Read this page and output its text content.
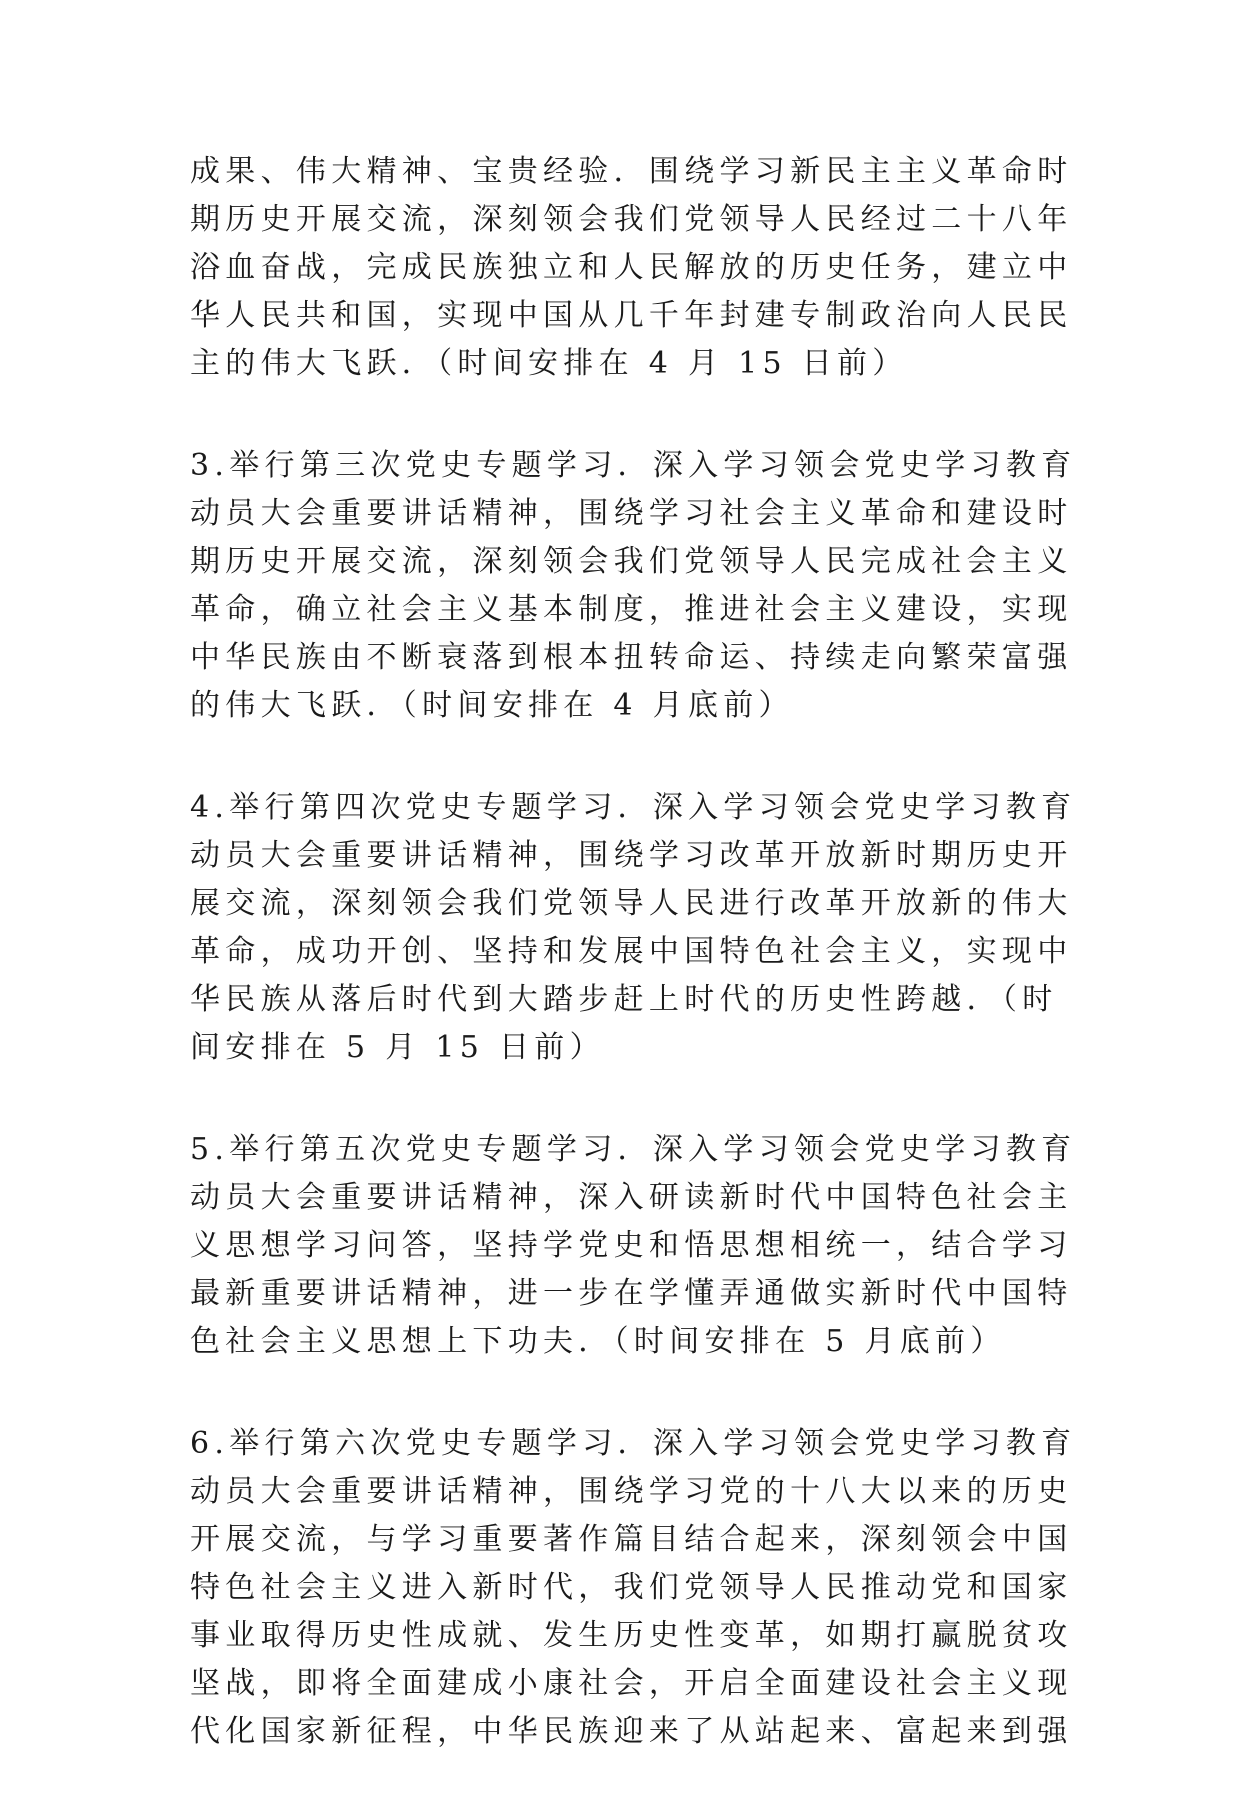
成果、伟大精神、宝贵经验．围绕学习新民主主义革命时
期历史开展交流，深刻领会我们党领导人民经过二十八年
浴血奋战，完成民族独立和人民解放的历史任务，建立中
华人民共和国，实现中国从几千年封建专制政治向人民民
主的伟大飞跃．（时间安排在 4 月 15 日前）

3.举行第三次党史专题学习．深入学习领会党史学习教育
动员大会重要讲话精神，围绕学习社会主义革命和建设时
期历史开展交流，深刻领会我们党领导人民完成社会主义
革命，确立社会主义基本制度，推进社会主义建设，实现
中华民族由不断衰落到根本扭转命运、持续走向繁荣富强
的伟大飞跃．（时间安排在 4 月底前）

4.举行第四次党史专题学习．深入学习领会党史学习教育
动员大会重要讲话精神，围绕学习改革开放新时期历史开
展交流，深刻领会我们党领导人民进行改革开放新的伟大
革命，成功开创、坚持和发展中国特色社会主义，实现中
华民族从落后时代到大踏步赶上时代的历史性跨越．（时
间安排在 5 月 15 日前）

5.举行第五次党史专题学习．深入学习领会党史学习教育
动员大会重要讲话精神，深入研读新时代中国特色社会主
义思想学习问答，坚持学党史和悟思想相统一，结合学习
最新重要讲话精神，进一步在学懂弄通做实新时代中国特
色社会主义思想上下功夫．（时间安排在 5 月底前）

6.举行第六次党史专题学习．深入学习领会党史学习教育
动员大会重要讲话精神，围绕学习党的十八大以来的历史
开展交流，与学习重要著作篇目结合起来，深刻领会中国
特色社会主义进入新时代，我们党领导人民推动党和国家
事业取得历史性成就、发生历史性变革，如期打赢脱贫攻
坚战，即将全面建成小康社会，开启全面建设社会主义现
代化国家新征程，中华民族迎来了从站起来、富起来到强
